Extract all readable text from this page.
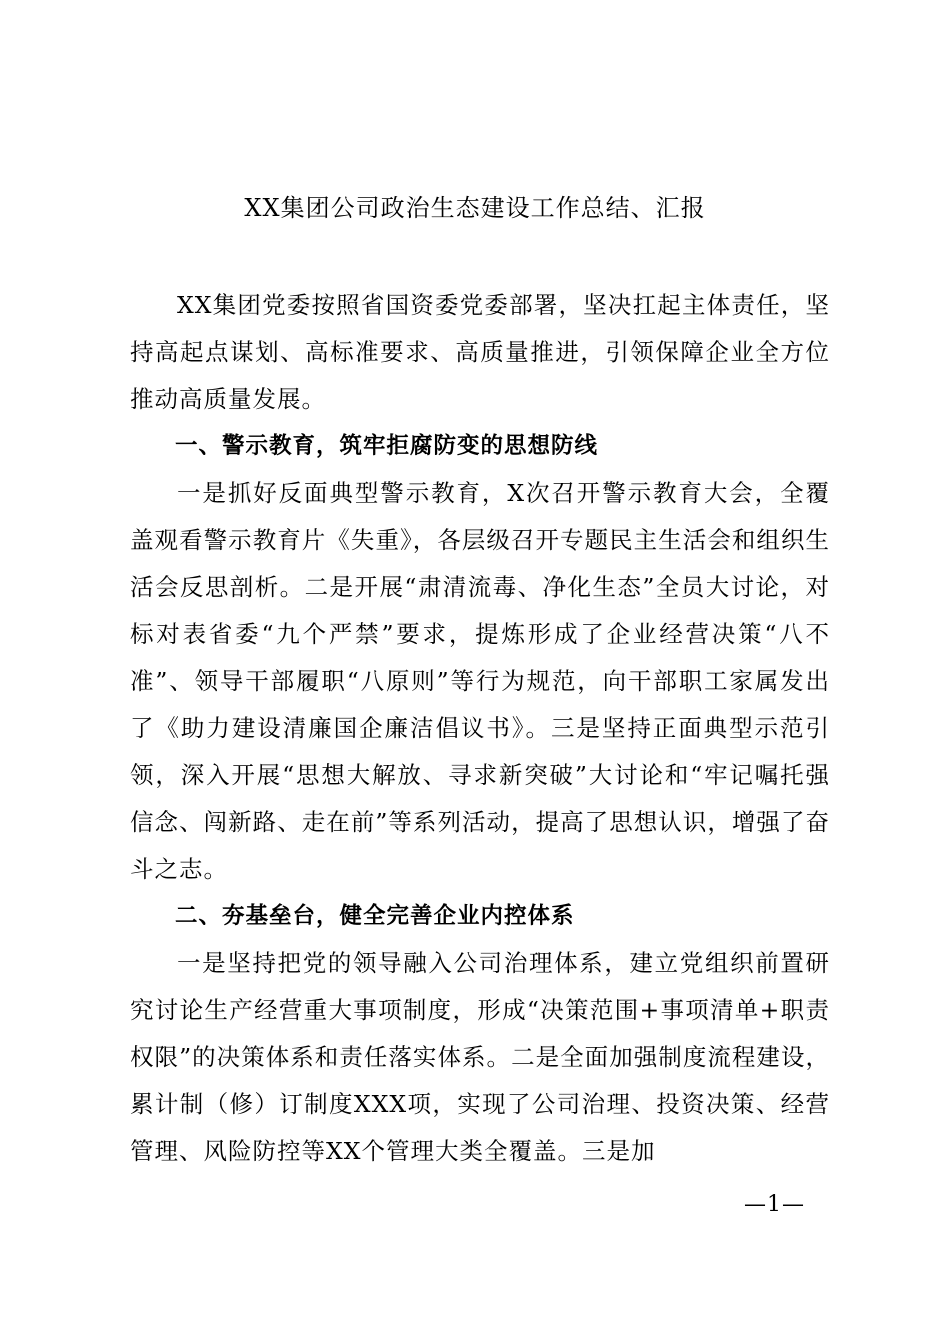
XX集团公司政治生态建设工作总结、汇报

XX集团党委按照省国资委党委部署，坚决扛起主体责任，坚持高起点谋划、高标准要求、高质量推进，引领保障企业全方位推动高质量发展。

一、警示教育，筑牢拒腐防变的思想防线

一是抓好反面典型警示教育，X次召开警示教育大会，全覆盖观看警示教育片《失重》，各层级召开专题民主生活会和组织生活会反思剖析。二是开展“肃清流毒、净化生态”全员大讨论，对标对表省委“九个严禁”要求，提炼形成了企业经营决策“八不准”、领导干部履职“八原则”等行为规范，向干部职工家属发出了《助力建设清廉国企廉洁倡议书》。三是坚持正面典型示范引领，深入开展“思想大解放、寻求新突破”大讨论和“牢记嘱托强信念、闯新路、走在前”等系列活动，提高了思想认识，增强了奋斗之志。

二、夯基垒台，健全完善企业内控体系

一是坚持把党的领导融入公司治理体系，建立党组织前置研究讨论生产经营重大事项制度，形成“决策范围+事项清单+职责权限”的决策体系和责任落实体系。二是全面加强制度流程建设，累计制（修）订制度XXX项，实现了公司治理、投资决策、经营管理、风险防控等XX个管理大类全覆盖。三是加

—1—
